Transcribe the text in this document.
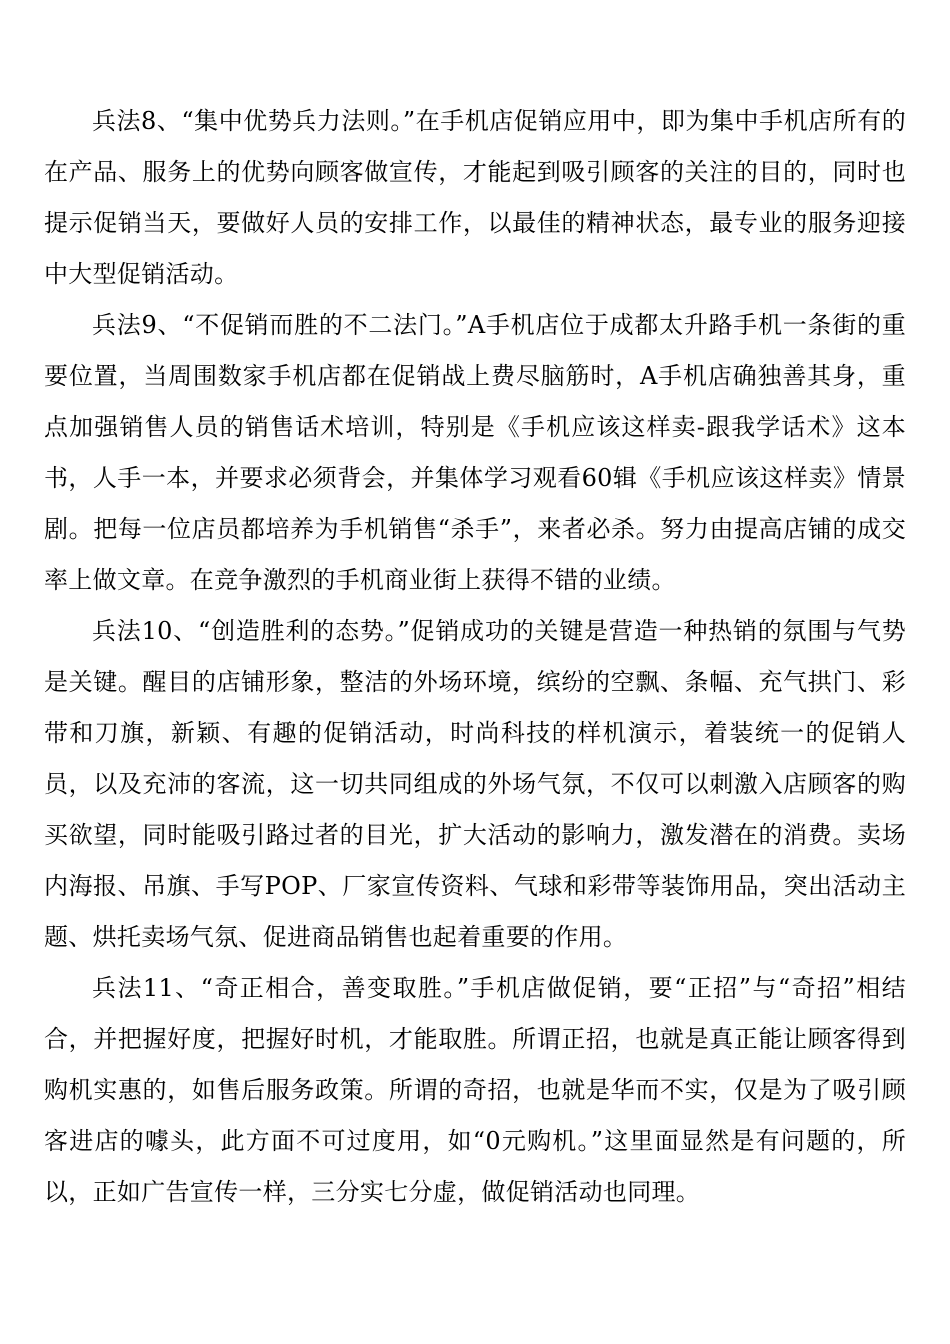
兵法8、“集中优势兵力法则。”在手机店促销应用中，即为集中手机店所有的在产品、服务上的优势向顾客做宣传，才能起到吸引顾客的关注的目的，同时也提示促销当天，要做好人员的安排工作，以最佳的精神状态，最专业的服务迎接中大型促销活动。

兵法9、“不促销而胜的不二法门。”A手机店位于成都太升路手机一条街的重要位置，当周围数家手机店都在促销战上费尽脑筋时，A手机店确独善其身，重点加强销售人员的销售话术培训，特别是《手机应该这样卖-跟我学话术》这本书，人手一本，并要求必须背会，并集体学习观看60辑《手机应该这样卖》情景剧。把每一位店员都培养为手机销售“杀手”，来者必杀。努力由提高店铺的成交率上做文章。在竞争激烈的手机商业街上获得不错的业绩。

兵法10、“创造胜利的态势。”促销成功的关键是营造一种热销的氛围与气势是关键。醒目的店铺形象，整洁的外场环境，缤纷的空飘、条幅、充气拱门、彩带和刀旗，新颖、有趣的促销活动，时尚科技的样机演示，着装统一的促销人员，以及充沛的客流，这一切共同组成的外场气氛，不仅可以刺激入店顾客的购买欲望，同时能吸引路过者的目光，扩大活动的影响力，激发潜在的消费。卖场内海报、吊旗、手写POP、厂家宣传资料、气球和彩带等装饰用品，突出活动主题、烘托卖场气氛、促进商品销售也起着重要的作用。

兵法11、“奇正相合，善变取胜。”手机店做促销，要“正招”与“奇招”相结合，并把握好度，把握好时机，才能取胜。所谓正招，也就是真正能让顾客得到购机实惠的，如售后服务政策。所谓的奇招，也就是华而不实，仅是为了吸引顾客进店的噱头，此方面不可过度用，如“0元购机。”这里面显然是有问题的，所以，正如广告宣传一样，三分实七分虚，做促销活动也同理。
